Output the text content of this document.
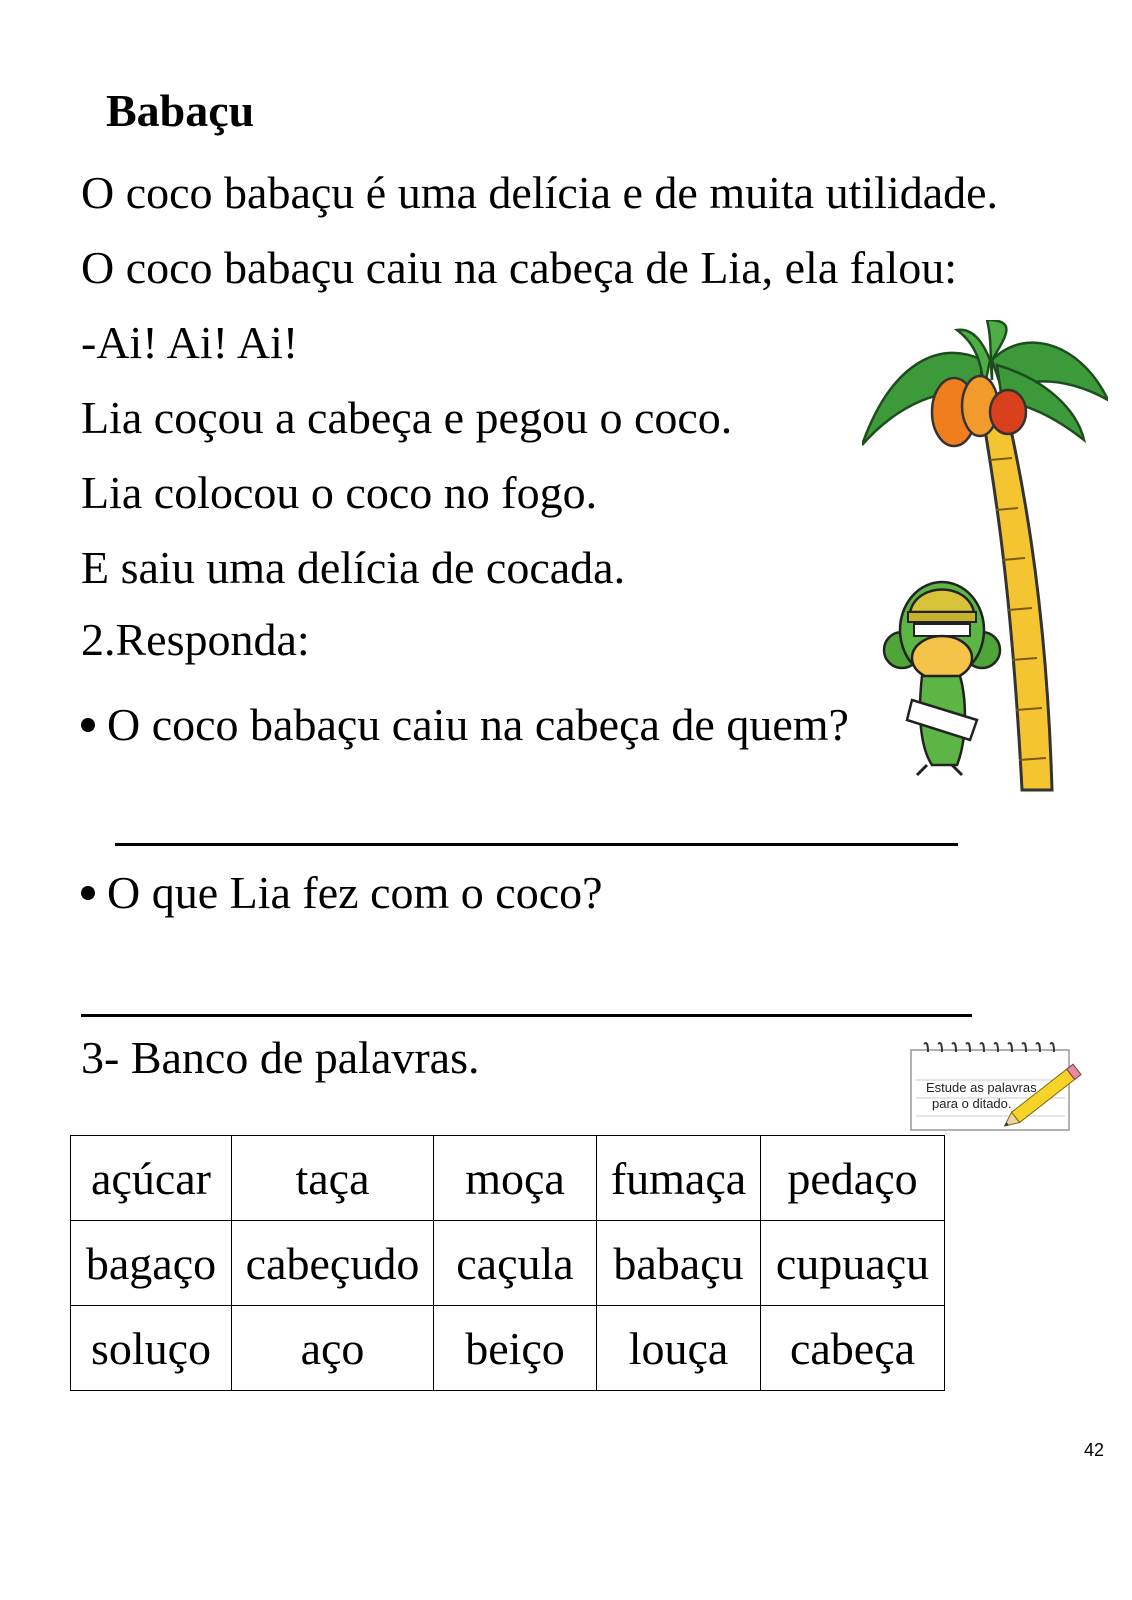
Babaçu

O coco babaçu é uma delícia e de muita utilidade.

O coco babaçu caiu na cabeça de Lia, ela falou:

-Ai! Ai! Ai!

Lia coçou a cabeça e pegou o coco.

Lia colocou o coco no fogo.

E saiu uma delícia de cocada.

2.Responda:

O coco babaçu caiu na cabeça de quem?
O que Lia fez com o coco?

3- Banco de palavras.

Estude as palavras
para o ditado.
açúcar	taça	moça	fumaça	pedaço
bagaço	cabeçudo	caçula	babaçu	cupuaçu
soluço	aço	beiço	louça	cabeça
42
